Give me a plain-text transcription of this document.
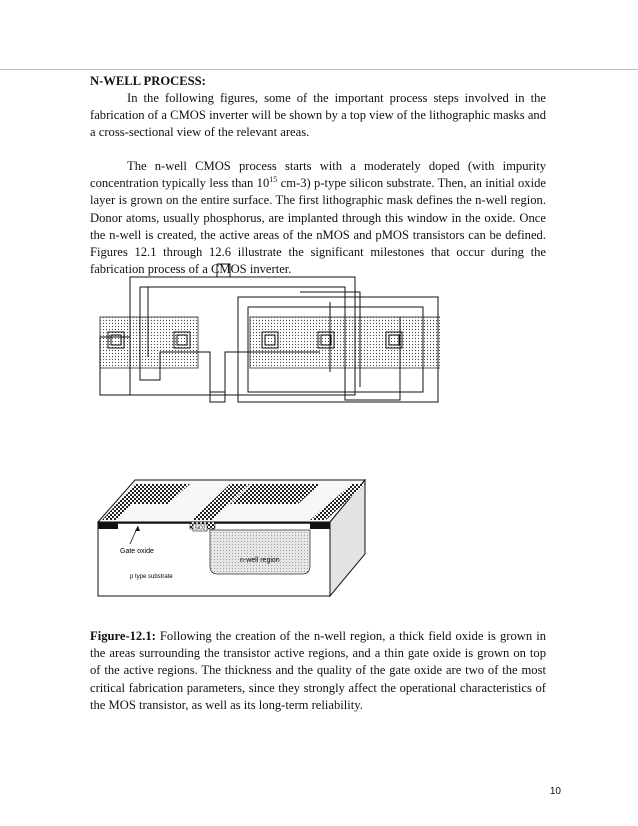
N-WELL PROCESS:

In the following figures, some of the important process steps involved in the fabrication of a CMOS inverter will be shown by a top view of the lithographic masks and a cross-sectional view of the relevant areas.

The n-well CMOS process starts with a moderately doped (with impurity concentration typically less than $10^{15}$ cm-3) p-type silicon substrate. Then, an initial oxide layer is grown on the entire surface. The first lithographic mask defines the n-well region. Donor atoms, usually phosphorus, are implanted through this window in the oxide. Once the n-well is created, the active areas of the nMOS and pMOS transistors can be defined. Figures 12.1 through 12.6 illustrate the significant milestones that occur during the fabrication process of a CMOS inverter.

SiO2
Gate oxide
n-well region
p type substrate

Figure-12.1: Following the creation of the n-well region, a thick field oxide is grown in the areas surrounding the transistor active regions, and a thin gate oxide is grown on top of the active regions. The thickness and the quality of the gate oxide are two of the most critical fabrication parameters, since they strongly affect the operational characteristics of the MOS transistor, as well as its long-term reliability.

10
